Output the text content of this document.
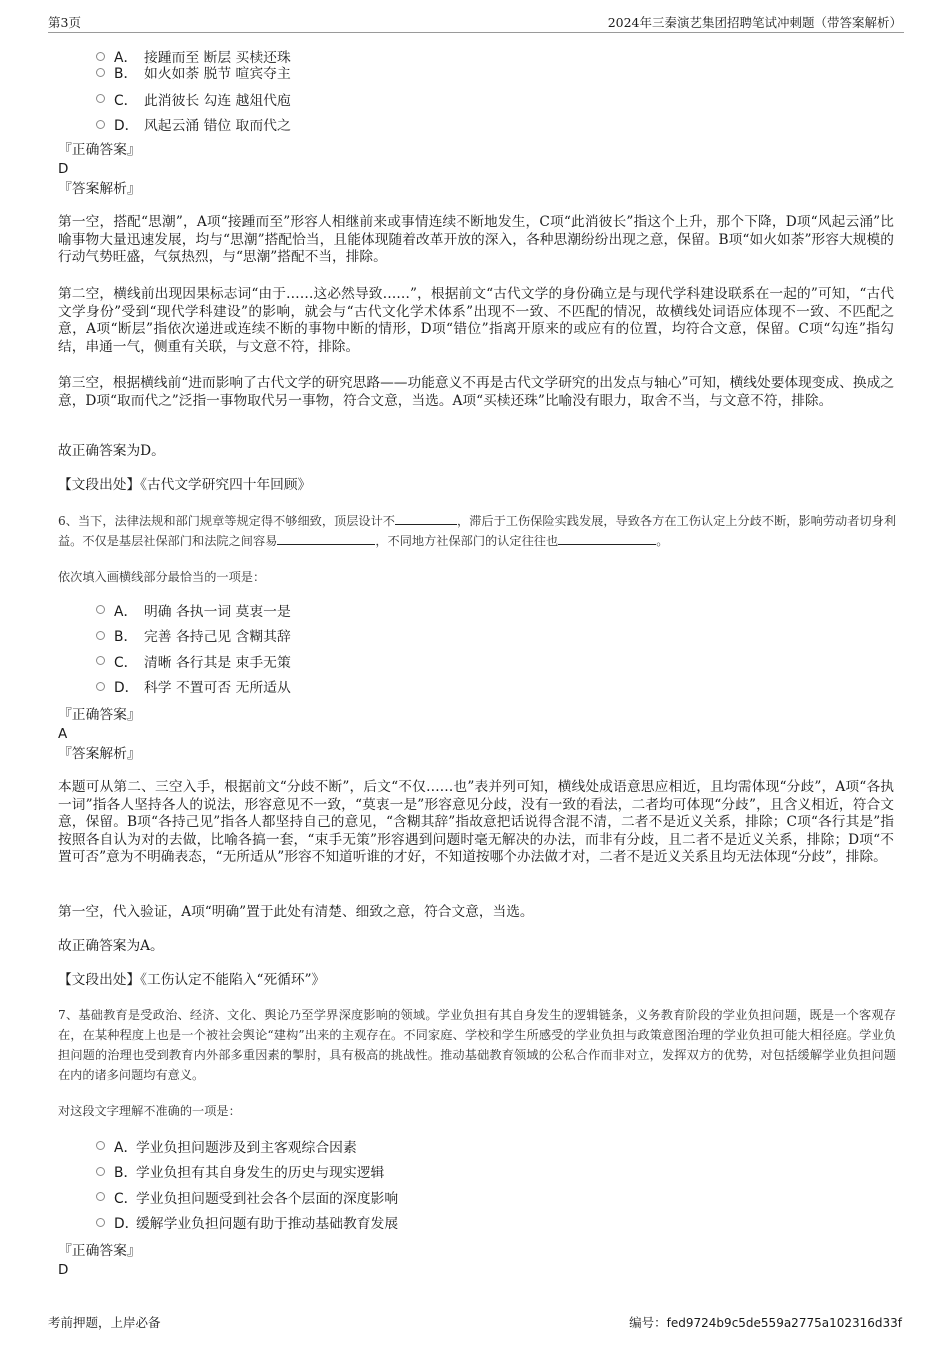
第3页	2024年三秦演艺集团招聘笔试冲刺题（带答案解析）
A． 接踵而至 断层 买椟还珠
B． 如火如荼 脱节 喧宾夺主
C． 此消彼长 勾连 越俎代庖
D． 风起云涌 错位 取而代之
『正确答案』
D
『答案解析』
第一空，搭配“思潮”，A项“接踵而至”形容人相继前来或事情连续不断地发生，C项“此消彼长”指这个上升，那个下降，D项“风起云涌”比喻事物大量迅速发展，均与“思潮”搭配恰当，且能体现随着改革开放的深入，各种思潮纷纷出现之意，保留。B项“如火如荼”形容大规模的行动气势旺盛，气氛热烈，与“思潮”搭配不当，排除。
第二空，横线前出现因果标志词“由于……这必然导致……”，根据前文“古代文学的身份确立是与现代学科建设联系在一起的”可知，“古代文学身份”受到“现代学科建设”的影响，就会与“古代文化学术体系”出现不一致、不匹配的情况，故横线处词语应体现不一致、不匹配之意，A项“断层”指依次递进或连续不断的事物中断的情形，D项“错位”指离开原来的或应有的位置，均符合文意，保留。C项“勾连”指勾结，串通一气，侧重有关联，与文意不符，排除。
第三空，根据横线前“进而影响了古代文学的研究思路——功能意义不再是古代文学研究的出发点与轴心”可知，横线处要体现变成、换成之意，D项“取而代之”泛指一事物取代另一事物，符合文意，当选。A项“买椟还珠”比喻没有眼力，取舍不当，与文意不符，排除。
故正确答案为D。
【文段出处】《古代文学研究四十年回顾》
6、当下，法律法规和部门规章等规定得不够细致，顶层设计不	，滞后于工伤保险实践发展，导致各方在工伤认定上分歧不断，影响劳动者切身利益。不仅是基层社保部门和法院之间容易	，不同地方社保部门的认定往往也	。
依次填入画横线部分最恰当的一项是：
A． 明确 各执一词 莫衷一是
B． 完善 各持己见 含糊其辞
C． 清晰 各行其是 束手无策
D． 科学 不置可否 无所适从
『正确答案』
A
『答案解析』
本题可从第二、三空入手，根据前文“分歧不断”，后文“不仅……也”表并列可知，横线处成语意思应相近，且均需体现“分歧”，A项“各执一词”指各人坚持各人的说法，形容意见不一致，“莫衷一是”形容意见分歧，没有一致的看法，二者均可体现“分歧”，且含义相近，符合文意，保留。B项“各持己见”指各人都坚持自己的意见，“含糊其辞”指故意把话说得含混不清，二者不是近义关系，排除；C项“各行其是”指按照各自认为对的去做，比喻各搞一套，“束手无策”形容遇到问题时毫无解决的办法，而非有分歧，且二者不是近义关系，排除；D项“不置可否”意为不明确表态，“无所适从”形容不知道听谁的才好，不知道按哪个办法做才对，二者不是近义关系且均无法体现“分歧”，排除。
第一空，代入验证，A项“明确”置于此处有清楚、细致之意，符合文意，当选。
故正确答案为A。
【文段出处】《工伤认定不能陷入“死循环”》
7、基础教育是受政治、经济、文化、舆论乃至学界深度影响的领域。学业负担有其自身发生的逻辑链条，义务教育阶段的学业负担问题，既是一个客观存在，在某种程度上也是一个被社会舆论“建构”出来的主观存在。不同家庭、学校和学生所感受的学业负担与政策意图治理的学业负担可能大相径庭。学业负担问题的治理也受到教育内外部多重因素的掣肘，具有极高的挑战性。推动基础教育领域的公私合作而非对立，发挥双方的优势，对包括缓解学业负担问题在内的诸多问题均有意义。
对这段文字理解不准确的一项是：
A．
学业负担问题涉及到主客观综合因素
B．
学业负担有其自身发生的历史与现实逻辑
C．
学业负担问题受到社会各个层面的深度影响
D．
缓解学业负担问题有助于推动基础教育发展
『正确答案』
D
考前押题，上岸必备	编号：fed9724b9c5de559a2775a102316d33f
